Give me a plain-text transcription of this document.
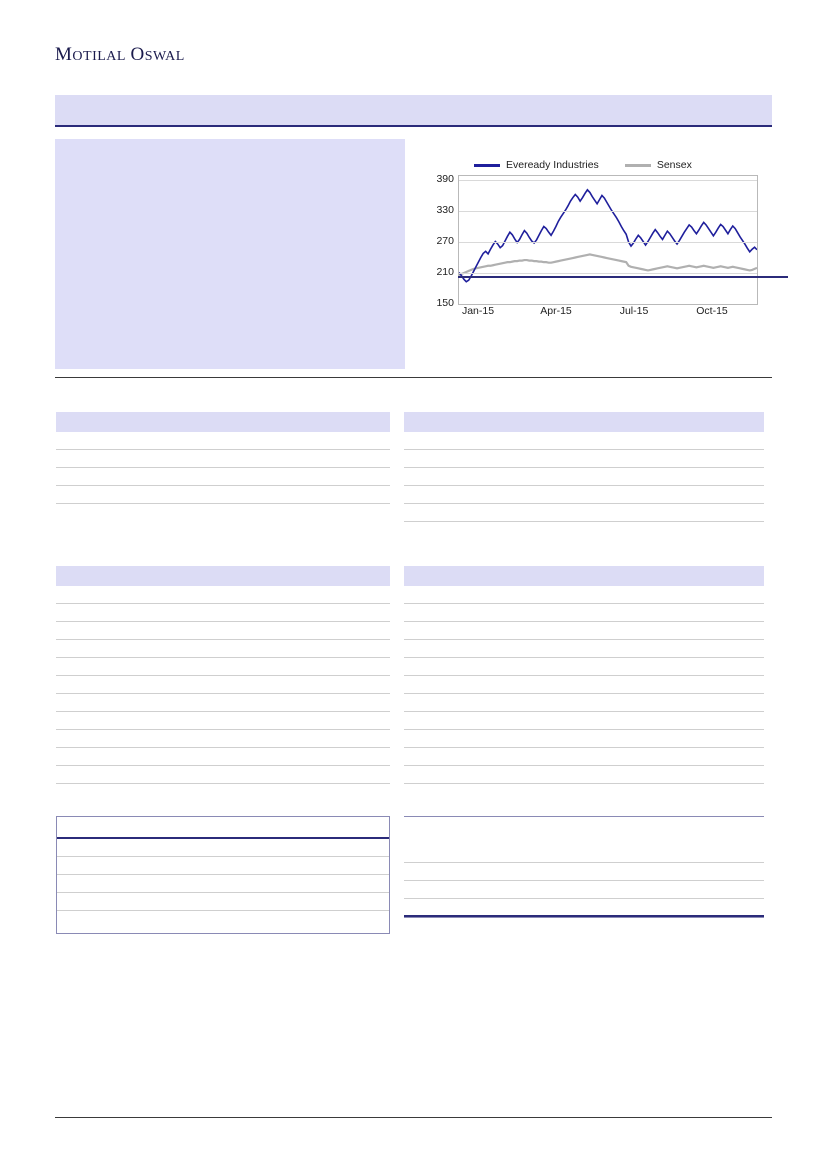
MOTILAL OSWAL
Eveready Industries	Sensex
390
330
270
210
150
Jan-15	Apr-15	Jul-15	Oct-15
